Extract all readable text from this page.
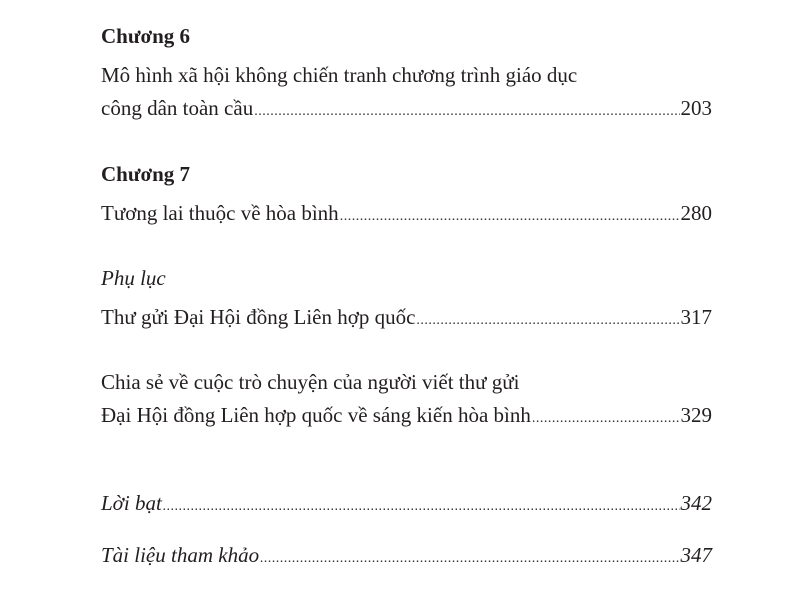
Chương 6
Mô hình xã hội không chiến tranh chương trình giáo dục
công dân toàn cầu .....	203
Chương 7
Tương lai thuộc về hòa bình .....	280
Phụ lục
Thư gửi Đại Hội đồng Liên hợp quốc .....	317
Chia sẻ về cuộc trò chuyện của người viết thư gửi
Đại Hội đồng Liên hợp quốc về sáng kiến hòa bình .....	329
Lời bạt .....	342
Tài liệu tham khảo .....	347
